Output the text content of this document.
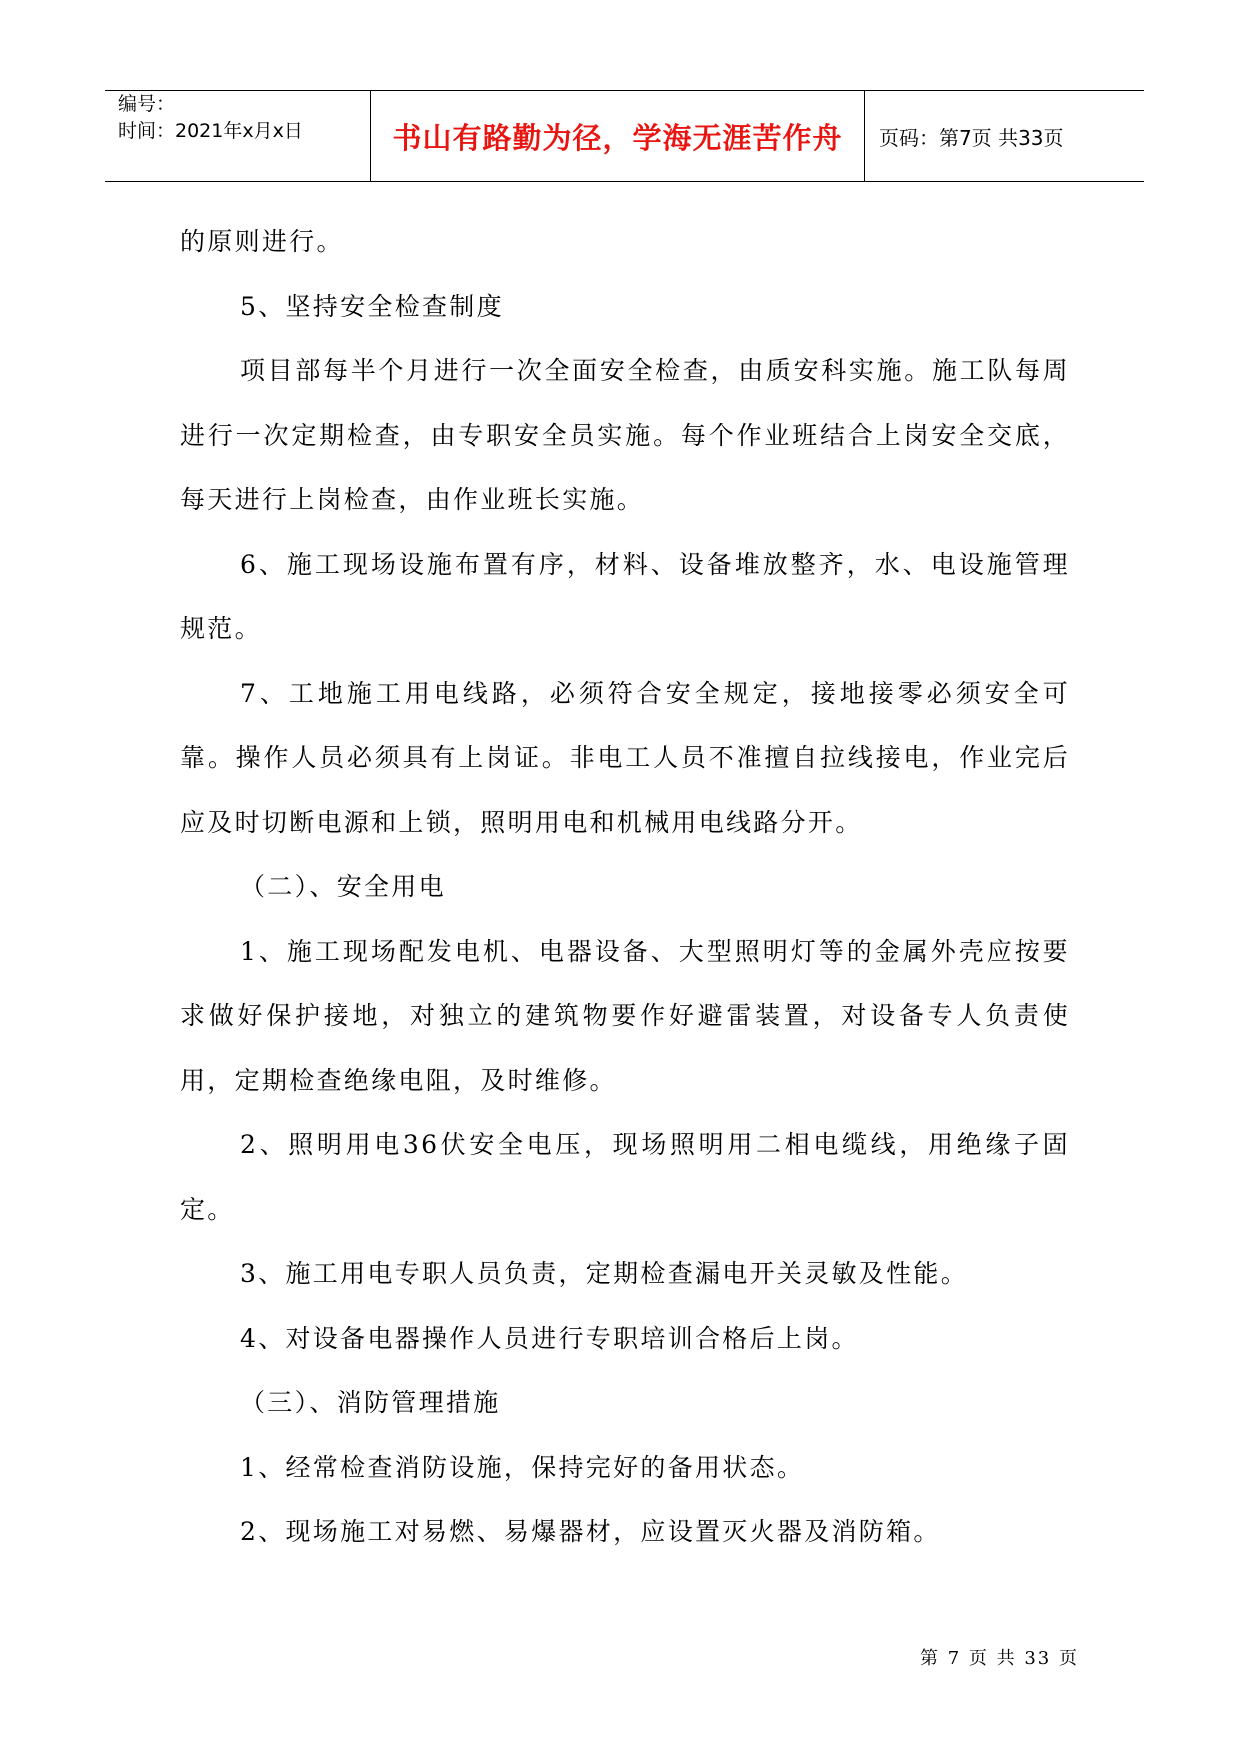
编号：
时间：2021年x月x日	书山有路勤为径，学海无涯苦作舟	页码：第7页 共33页

的原则进行。

5、坚持安全检查制度

项目部每半个月进行一次全面安全检查，由质安科实施。施工队每周进行一次定期检查，由专职安全员实施。每个作业班结合上岗安全交底，每天进行上岗检查，由作业班长实施。

6、施工现场设施布置有序，材料、设备堆放整齐，水、电设施管理规范。

7、工地施工用电线路，必须符合安全规定，接地接零必须安全可靠。操作人员必须具有上岗证。非电工人员不准擅自拉线接电，作业完后应及时切断电源和上锁，照明用电和机械用电线路分开。

（二）、安全用电

1、施工现场配发电机、电器设备、大型照明灯等的金属外壳应按要求做好保护接地，对独立的建筑物要作好避雷装置，对设备专人负责使用，定期检查绝缘电阻，及时维修。

2、照明用电36伏安全电压，现场照明用二相电缆线，用绝缘子固定。

3、施工用电专职人员负责，定期检查漏电开关灵敏及性能。

4、对设备电器操作人员进行专职培训合格后上岗。

（三）、消防管理措施

1、经常检查消防设施，保持完好的备用状态。

2、现场施工对易燃、易爆器材，应设置灭火器及消防箱。

第 7 页 共 33 页
